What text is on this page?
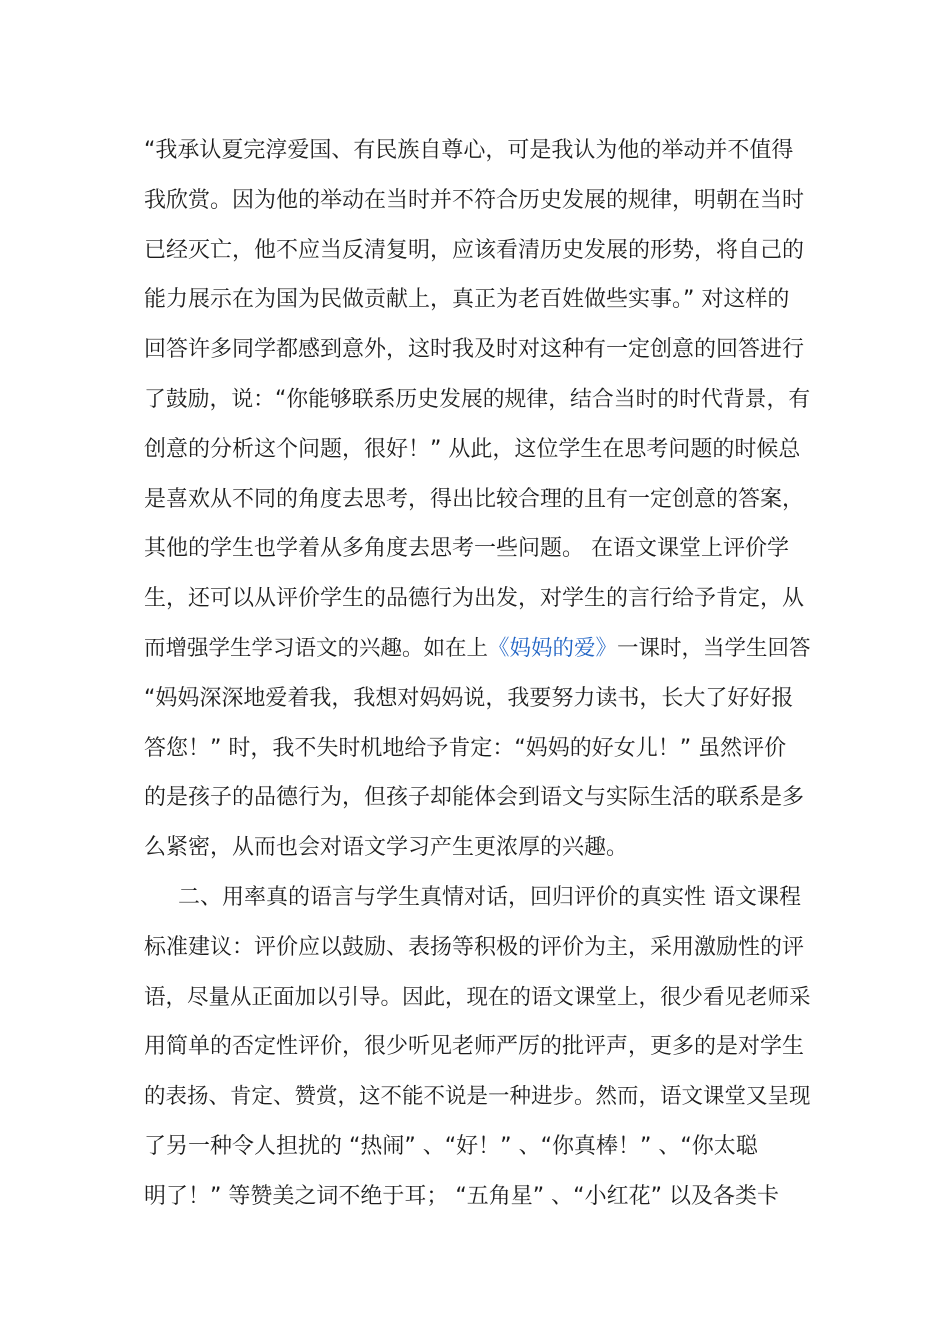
“我承认夏完淳爱国、有民族自尊心，可是我认为他的举动并不值得
我欣赏。因为他的举动在当时并不符合历史发展的规律，明朝在当时
已经灭亡，他不应当反清复明，应该看清历史发展的形势，将自己的
能力展示在为国为民做贡献上，真正为老百姓做些实事。” 对这样的
回答许多同学都感到意外，这时我及时对这种有一定创意的回答进行
了鼓励，说：“你能够联系历史发展的规律，结合当时的时代背景，有
创意的分析这个问题，很好！” 从此，这位学生在思考问题的时候总
是喜欢从不同的角度去思考，得出比较合理的且有一定创意的答案，
其他的学生也学着从多角度去思考一些问题。 在语文课堂上评价学
生，还可以从评价学生的品德行为出发，对学生的言行给予肯定，从
而增强学生学习语文的兴趣。如在上 《妈妈的爱》 一课时，当学生回答
“妈妈深深地爱着我，我想对妈妈说，我要努力读书，长大了好好报
答您！” 时，我不失时机地给予肯定：“妈妈的好女儿！” 虽然评价
的是孩子的品德行为，但孩子却能体会到语文与实际生活的联系是多
么紧密，从而也会对语文学习产生更浓厚的兴趣。
二、用率真的语言与学生真情对话，回归评价的真实性 语文课程
标准建议：评价应以鼓励、表扬等积极的评价为主，采用激励性的评
语，尽量从正面加以引导。因此，现在的语文课堂上，很少看见老师采
用简单的否定性评价，很少听见老师严厉的批评声，更多的是对学生
的表扬、肯定、赞赏，这不能不说是一种进步。然而，语文课堂又呈现
了另一种令人担扰的 “热闹” 、“好！” 、“你真棒！” 、“你太聪
明了！” 等赞美之词不绝于耳； “五角星” 、“小红花” 以及各类卡
